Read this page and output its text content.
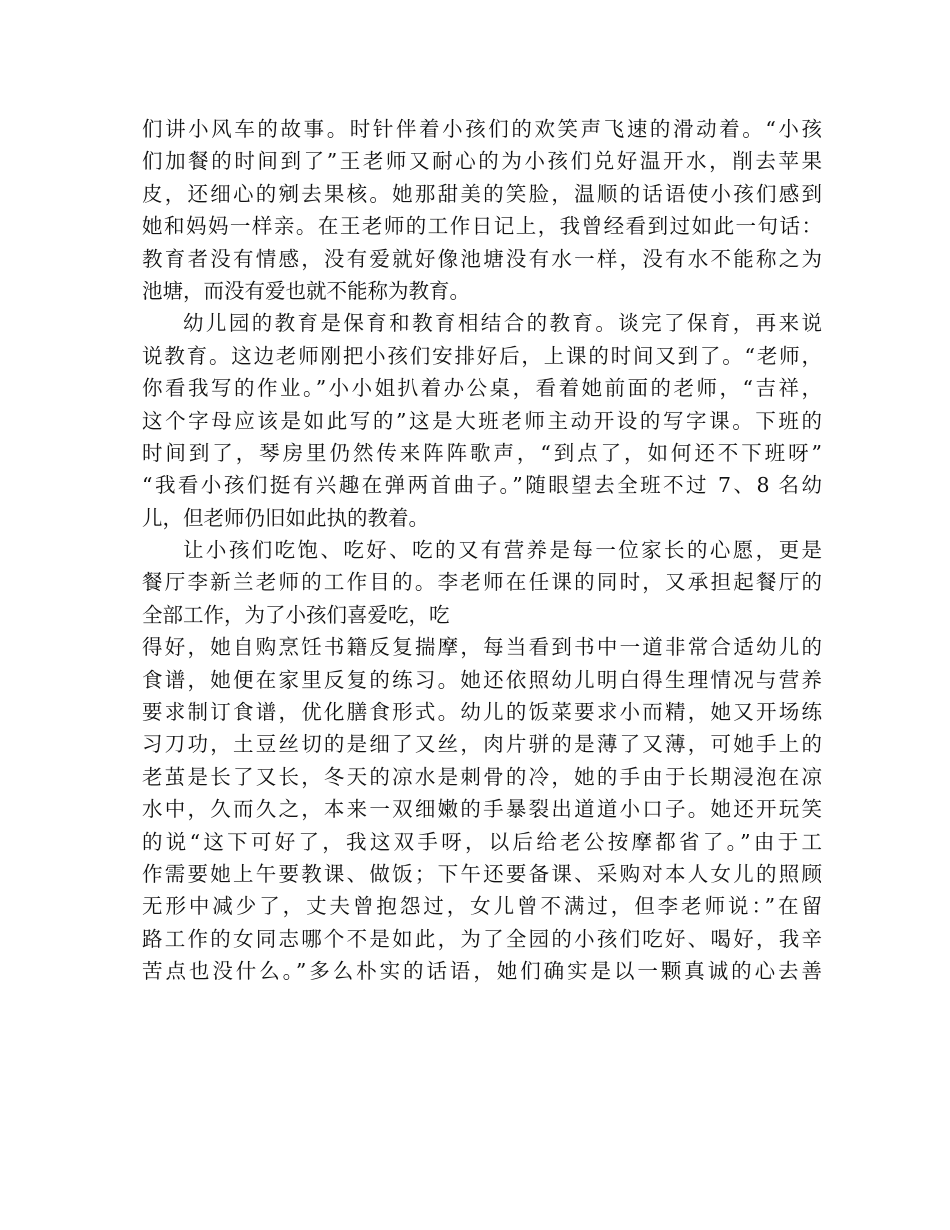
们讲小风车的故事。时针伴着小孩们的欢笑声飞速的滑动着。“小孩
们加餐的时间到了”王老师又耐心的为小孩们兑好温开水，削去苹果
皮，还细心的剜去果核。她那甜美的笑脸，温顺的话语使小孩们感到
她和妈妈一样亲。在王老师的工作日记上，我曾经看到过如此一句话：
教育者没有情感，没有爱就好像池塘没有水一样，没有水不能称之为
池塘，而没有爱也就不能称为教育。
幼儿园的教育是保育和教育相结合的教育。谈完了保育，再来说
说教育。这边老师刚把小孩们安排好后，上课的时间又到了。“老师，
你看我写的作业。”小小姐扒着办公桌，看着她前面的老师，“吉祥，
这个字母应该是如此写的”这是大班老师主动开设的写字课。下班的
时间到了，琴房里仍然传来阵阵歌声，“到点了，如何还不下班呀”
“我看小孩们挺有兴趣在弹两首曲子。”随眼望去全班不过 7、8 名幼
儿，但老师仍旧如此执的教着。
让小孩们吃饱、吃好、吃的又有营养是每一位家长的心愿，更是
餐厅李新兰老师的工作目的。李老师在任课的同时，又承担起餐厅的
全部工作，为了小孩们喜爱吃，吃
得好，她自购烹饪书籍反复揣摩，每当看到书中一道非常合适幼儿的
食谱，她便在家里反复的练习。她还依照幼儿明白得生理情况与营养
要求制订食谱，优化膳食形式。幼儿的饭菜要求小而精，她又开场练
习刀功，土豆丝切的是细了又丝，肉片骈的是薄了又薄，可她手上的
老茧是长了又长，冬天的凉水是刺骨的冷，她的手由于长期浸泡在凉
水中，久而久之，本来一双细嫩的手暴裂出道道小口子。她还开玩笑
的说“这下可好了，我这双手呀，以后给老公按摩都省了。”由于工
作需要她上午要教课、做饭；下午还要备课、采购对本人女儿的照顾
无形中减少了，丈夫曾抱怨过，女儿曾不满过，但李老师说：”在留
路工作的女同志哪个不是如此，为了全园的小孩们吃好、喝好，我辛
苦点也没什么。”多么朴实的话语，她们确实是以一颗真诚的心去善
